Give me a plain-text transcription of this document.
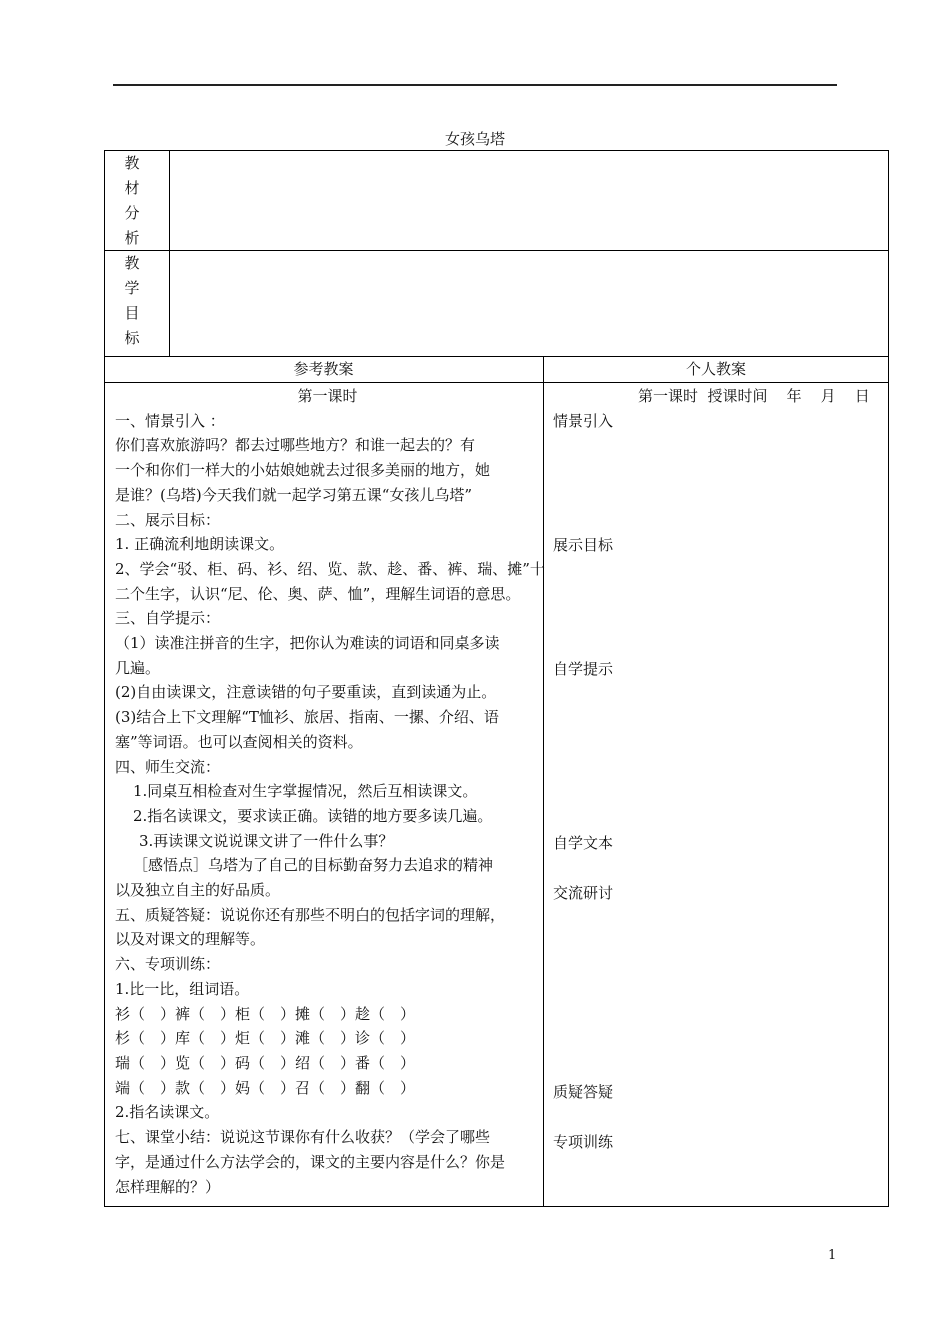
女孩乌塔
教
材
分
析
教
学
目
标
参考教案	个人教案
第一课时
一、情景引入 ：
你们喜欢旅游吗？都去过哪些地方？和谁一起去的？有
一个和你们一样大的小姑娘她就去过很多美丽的地方，她
是谁？(乌塔)今天我们就一起学习第五课“女孩儿乌塔”
二、展示目标：
1. 正确流利地朗读课文。
2、学会“驳、柜、码、衫、绍、览、款、趁、番、裤、瑞、摊”十
二个生字，认识“尼、伦、奥、萨、恤”，理解生词语的意思。
三、自学提示：
（1）读准注拼音的生字，把你认为难读的词语和同桌多读
几遍。
(2)自由读课文，注意读错的句子要重读，直到读通为止。
(3)结合上下文理解“T恤衫、旅居、指南、一摞、介绍、语
塞”等词语。也可以查阅相关的资料。
四、师生交流：
1.同桌互相检查对生字掌握情况，然后互相读课文。
2.指名读课文，要求读正确。读错的地方要多读几遍。
3.再读课文说说课文讲了一件什么事？
［感悟点］乌塔为了自己的目标勤奋努力去追求的精神
以及独立自主的好品质。
五、质疑答疑：说说你还有那些不明白的包括字词的理解，
以及对课文的理解等。
六、专项训练：
1.比一比，组词语。
衫（　）裤（　）柜（　）摊（　）趁（　）
杉（　）库（　）炬（　）滩（　）诊（　）
瑞（　）览（　）码（　）绍（　）番（　）
端（　）款（　）妈（　）召（　）翻（　）
2.指名读课文。
七、课堂小结：说说这节课你有什么收获？（学会了哪些
字，是通过什么方法学会的，课文的主要内容是什么？你是
怎样理解的？）
第一课时  授课时间    年    月    日
情景引入
展示目标
自学提示
自学文本
交流研讨
质疑答疑
专项训练
1
